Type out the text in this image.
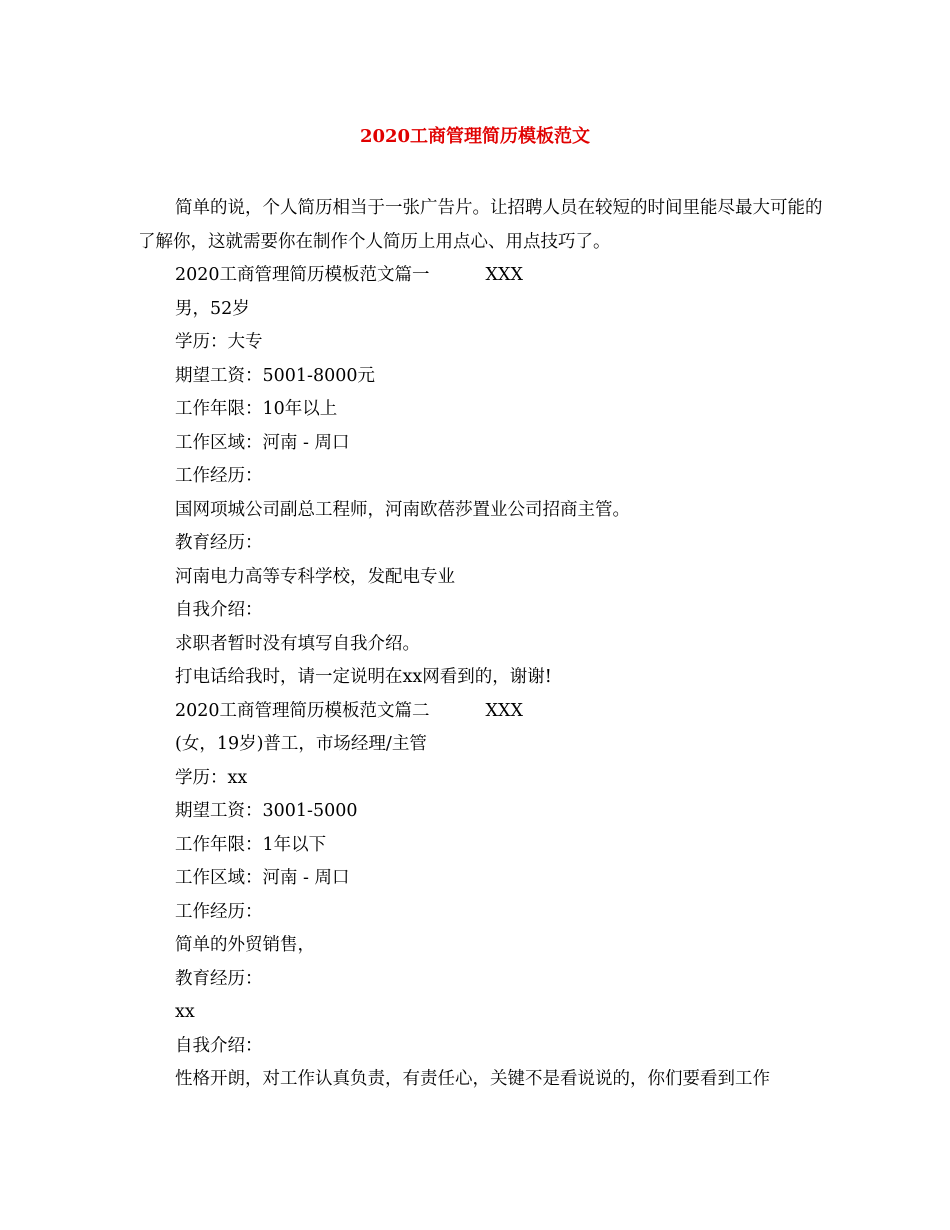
2020工商管理简历模板范文

简单的说，个人简历相当于一张广告片。让招聘人员在较短的时间里能尽最大可能的了解你，这就需要你在制作个人简历上用点心、用点技巧了。

2020工商管理简历模板范文篇一	XXX
男，52岁
学历：大专
期望工资：5001-8000元
工作年限：10年以上
工作区域：河南 - 周口
工作经历：
国网项城公司副总工程师，河南欧蓓莎置业公司招商主管。
教育经历：
河南电力高等专科学校，发配电专业
自我介绍：
求职者暂时没有填写自我介绍。
打电话给我时，请一定说明在xx网看到的，谢谢!
2020工商管理简历模板范文篇二	XXX
(女，19岁)普工，市场经理/主管
学历：xx
期望工资：3001-5000
工作年限：1年以下
工作区域：河南 - 周口
工作经历：
简单的外贸销售，
教育经历：
xx
自我介绍：
性格开朗，对工作认真负责，有责任心，关键不是看说说的，你们要看到工作
